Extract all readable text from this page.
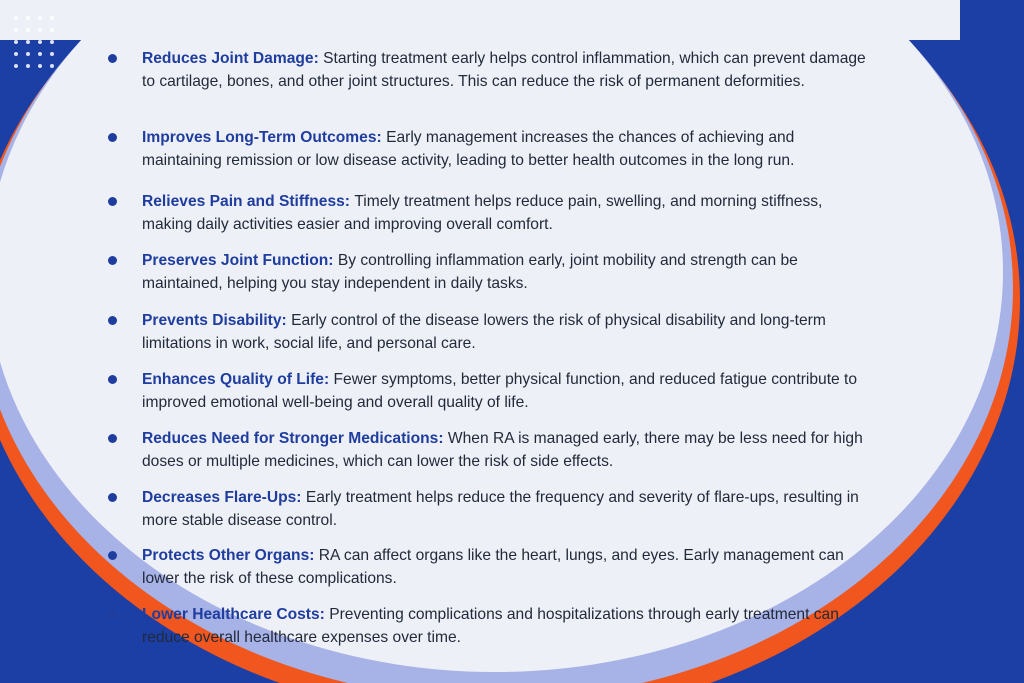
Reduces Joint Damage: Starting treatment early helps control inflammation, which can prevent damage to cartilage, bones, and other joint structures. This can reduce the risk of permanent deformities.
Improves Long-Term Outcomes: Early management increases the chances of achieving and maintaining remission or low disease activity, leading to better health outcomes in the long run.
Relieves Pain and Stiffness: Timely treatment helps reduce pain, swelling, and morning stiffness, making daily activities easier and improving overall comfort.
Preserves Joint Function: By controlling inflammation early, joint mobility and strength can be maintained, helping you stay independent in daily tasks.
Prevents Disability: Early control of the disease lowers the risk of physical disability and long-term limitations in work, social life, and personal care.
Enhances Quality of Life: Fewer symptoms, better physical function, and reduced fatigue contribute to improved emotional well-being and overall quality of life.
Reduces Need for Stronger Medications: When RA is managed early, there may be less need for high doses or multiple medicines, which can lower the risk of side effects.
Decreases Flare-Ups: Early treatment helps reduce the frequency and severity of flare-ups, resulting in more stable disease control.
Protects Other Organs: RA can affect organs like the heart, lungs, and eyes. Early management can lower the risk of these complications.
Lower Healthcare Costs: Preventing complications and hospitalizations through early treatment can reduce overall healthcare expenses over time.
